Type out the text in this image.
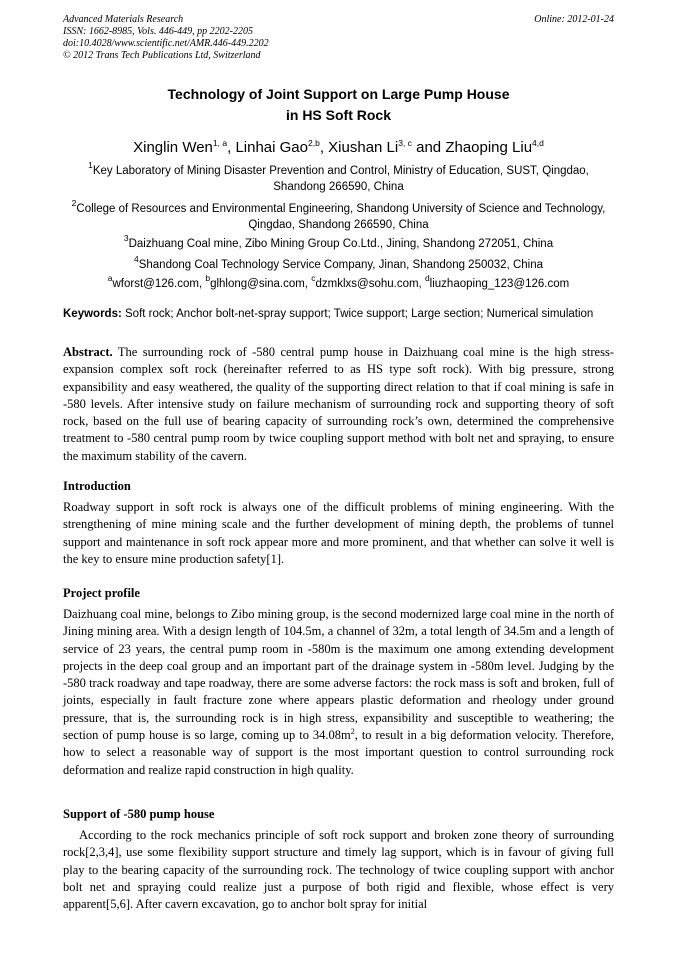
Advanced Materials Research
ISSN: 1662-8985, Vols. 446-449, pp 2202-2205
doi:10.4028/www.scientific.net/AMR.446-449.2202
© 2012 Trans Tech Publications Ltd, Switzerland
Online: 2012-01-24
Technology of Joint Support on Large Pump House
in HS Soft Rock
Xinglin Wen$^{1, a}$, Linhai Gao$^{2,b}$, Xiushan Li$^{3, c}$ and Zhaoping Liu$^{4,d}$
$^1$Key Laboratory of Mining Disaster Prevention and Control, Ministry of Education, SUST, Qingdao, Shandong 266590, China
$^2$College of Resources and Environmental Engineering, Shandong University of Science and Technology, Qingdao, Shandong 266590, China
$^3$Daizhuang Coal mine, Zibo Mining Group Co.Ltd., Jining, Shandong 272051, China
$^4$Shandong Coal Technology Service Company, Jinan, Shandong 250032, China
$^a$wforst@126.com, $^b$glhlong@sina.com, $^c$dzmklxs@sohu.com, $^d$liuzhaoping_123@126.com
Keywords: Soft rock; Anchor bolt-net-spray support; Twice support; Large section; Numerical simulation
Abstract. The surrounding rock of -580 central pump house in Daizhuang coal mine is the high stress-expansion complex soft rock (hereinafter referred to as HS type soft rock). With big pressure, strong expansibility and easy weathered, the quality of the supporting direct relation to that if coal mining is safe in -580 levels. After intensive study on failure mechanism of surrounding rock and supporting theory of soft rock, based on the full use of bearing capacity of surrounding rock’s own, determined the comprehensive treatment to -580 central pump room by twice coupling support method with bolt net and spraying, to ensure the maximum stability of the cavern.
Introduction
Roadway support in soft rock is always one of the difficult problems of mining engineering. With the strengthening of mine mining scale and the further development of mining depth, the problems of tunnel support and maintenance in soft rock appear more and more prominent, and that whether can solve it well is the key to ensure mine production safety[1].
Project profile
Daizhuang coal mine, belongs to Zibo mining group, is the second modernized large coal mine in the north of Jining mining area. With a design length of 104.5m, a channel of 32m, a total length of 34.5m and a length of service of 23 years, the central pump room in -580m is the maximum one among extending development projects in the deep coal group and an important part of the drainage system in -580m level. Judging by the -580 track roadway and tape roadway, there are some adverse factors: the rock mass is soft and broken, full of joints, especially in fault fracture zone where appears plastic deformation and rheology under ground pressure, that is, the surrounding rock is in high stress, expansibility and susceptible to weathering; the section of pump house is so large, coming up to $34.08m^2$, to result in a big deformation velocity. Therefore, how to select a reasonable way of support is the most important question to control surrounding rock deformation and realize rapid construction in high quality.
Support of -580 pump house
According to the rock mechanics principle of soft rock support and broken zone theory of surrounding rock[2,3,4], use some flexibility support structure and timely lag support, which is in favour of giving full play to the bearing capacity of the surrounding rock. The technology of twice coupling support with anchor bolt net and spraying could realize just a purpose of both rigid and flexible, whose effect is very apparent[5,6]. After cavern excavation, go to anchor bolt spray for initial
